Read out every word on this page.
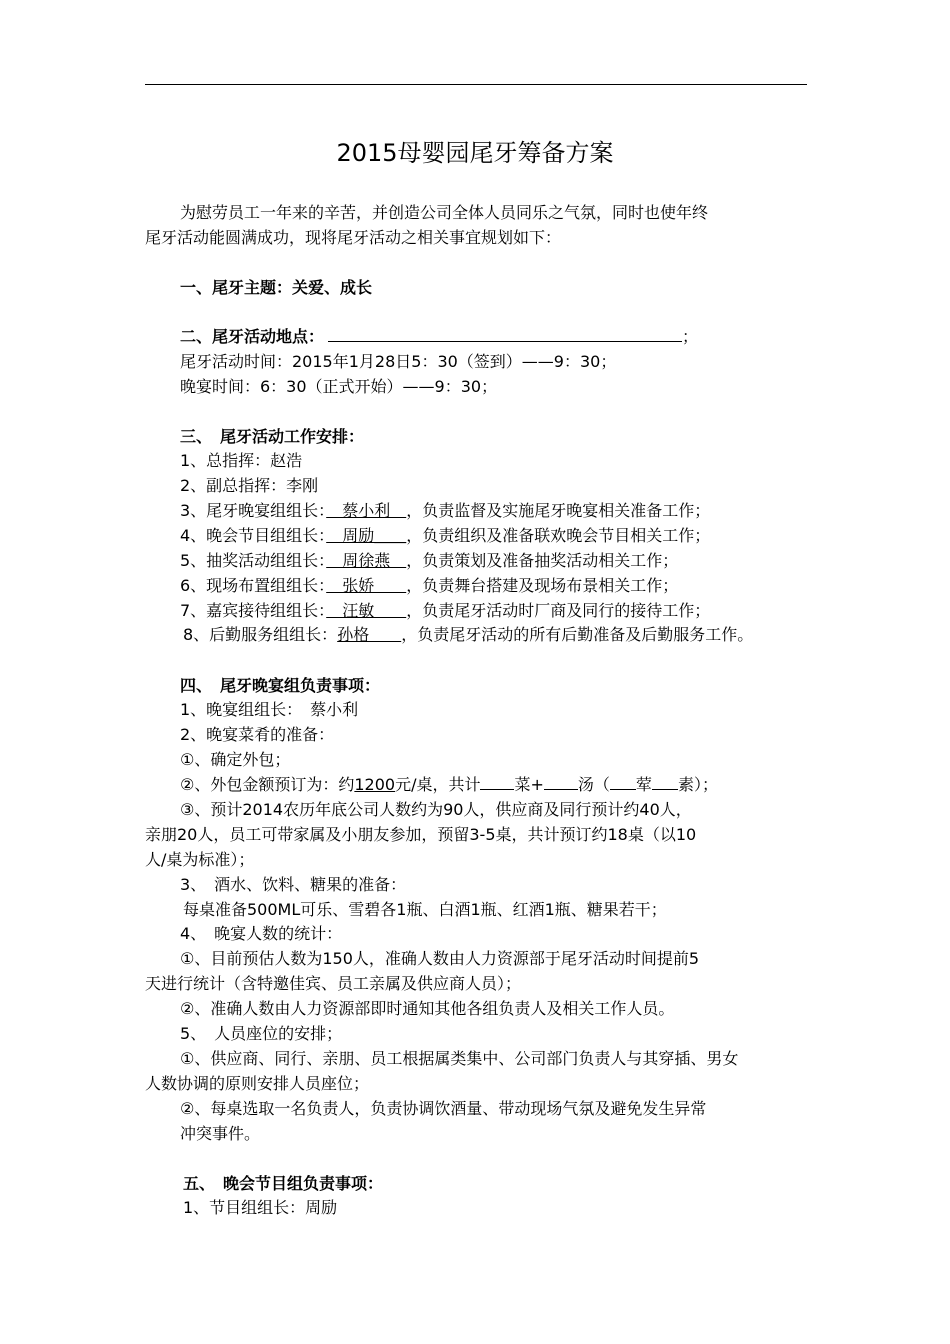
2015母婴园尾牙筹备方案
为慰劳员工一年来的辛苦，并创造公司全体人员同乐之气氛，同时也使年终
尾牙活动能圆满成功，现将尾牙活动之相关事宜规划如下：
一、尾牙主题：关爱、成长
二、尾牙活动地点：	；
尾牙活动时间：2015年1月28日5：30（签到）——9：30；
晚宴时间：6：30（正式开始）——9：30；
三、　尾牙活动工作安排：
1、总指挥：赵浩
2、副总指挥：李刚
3、尾牙晚宴组组长：　蔡小利　，负责监督及实施尾牙晚宴相关准备工作；
4、晚会节目组组长：　周励＿＿，负责组织及准备联欢晚会节目相关工作；
5、抽奖活动组组长：　周徐燕　，负责策划及准备抽奖活动相关工作；
6、现场布置组组长：　张娇　　，负责舞台搭建及现场布景相关工作；
7、嘉宾接待组组长：　汪敏　　，负责尾牙活动时厂商及同行的接待工作；
8、后勤服务组组长：孙格　　，负责尾牙活动的所有后勤准备及后勤服务工作。
四、　尾牙晚宴组负责事项：
1、晚宴组组长：　蔡小利
2、晚宴菜肴的准备：
①、确定外包；
②、外包金额预订为：约1200元/桌，共计 菜+ 汤（ 荤 素）；
③、预计2014农历年底公司人数约为90人，供应商及同行预计约40人，
亲朋20人，员工可带家属及小朋友参加，预留3-5桌，共计预订约18桌（以10
人/桌为标准）；
3、　酒水、饮料、糖果的准备：
每桌准备500ML可乐、雪碧各1瓶、白酒1瓶、红酒1瓶、糖果若干；
4、　晚宴人数的统计：
①、目前预估人数为150人，准确人数由人力资源部于尾牙活动时间提前5
天进行统计（含特邀佳宾、员工亲属及供应商人员）；
②、准确人数由人力资源部即时通知其他各组负责人及相关工作人员。
5、　人员座位的安排；
①、供应商、同行、亲朋、员工根据属类集中、公司部门负责人与其穿插、男女
人数协调的原则安排人员座位；
②、每桌选取一名负责人，负责协调饮酒量、带动现场气氛及避免发生异常
冲突事件。
五、　晚会节目组负责事项：
1、节目组组长：周励
